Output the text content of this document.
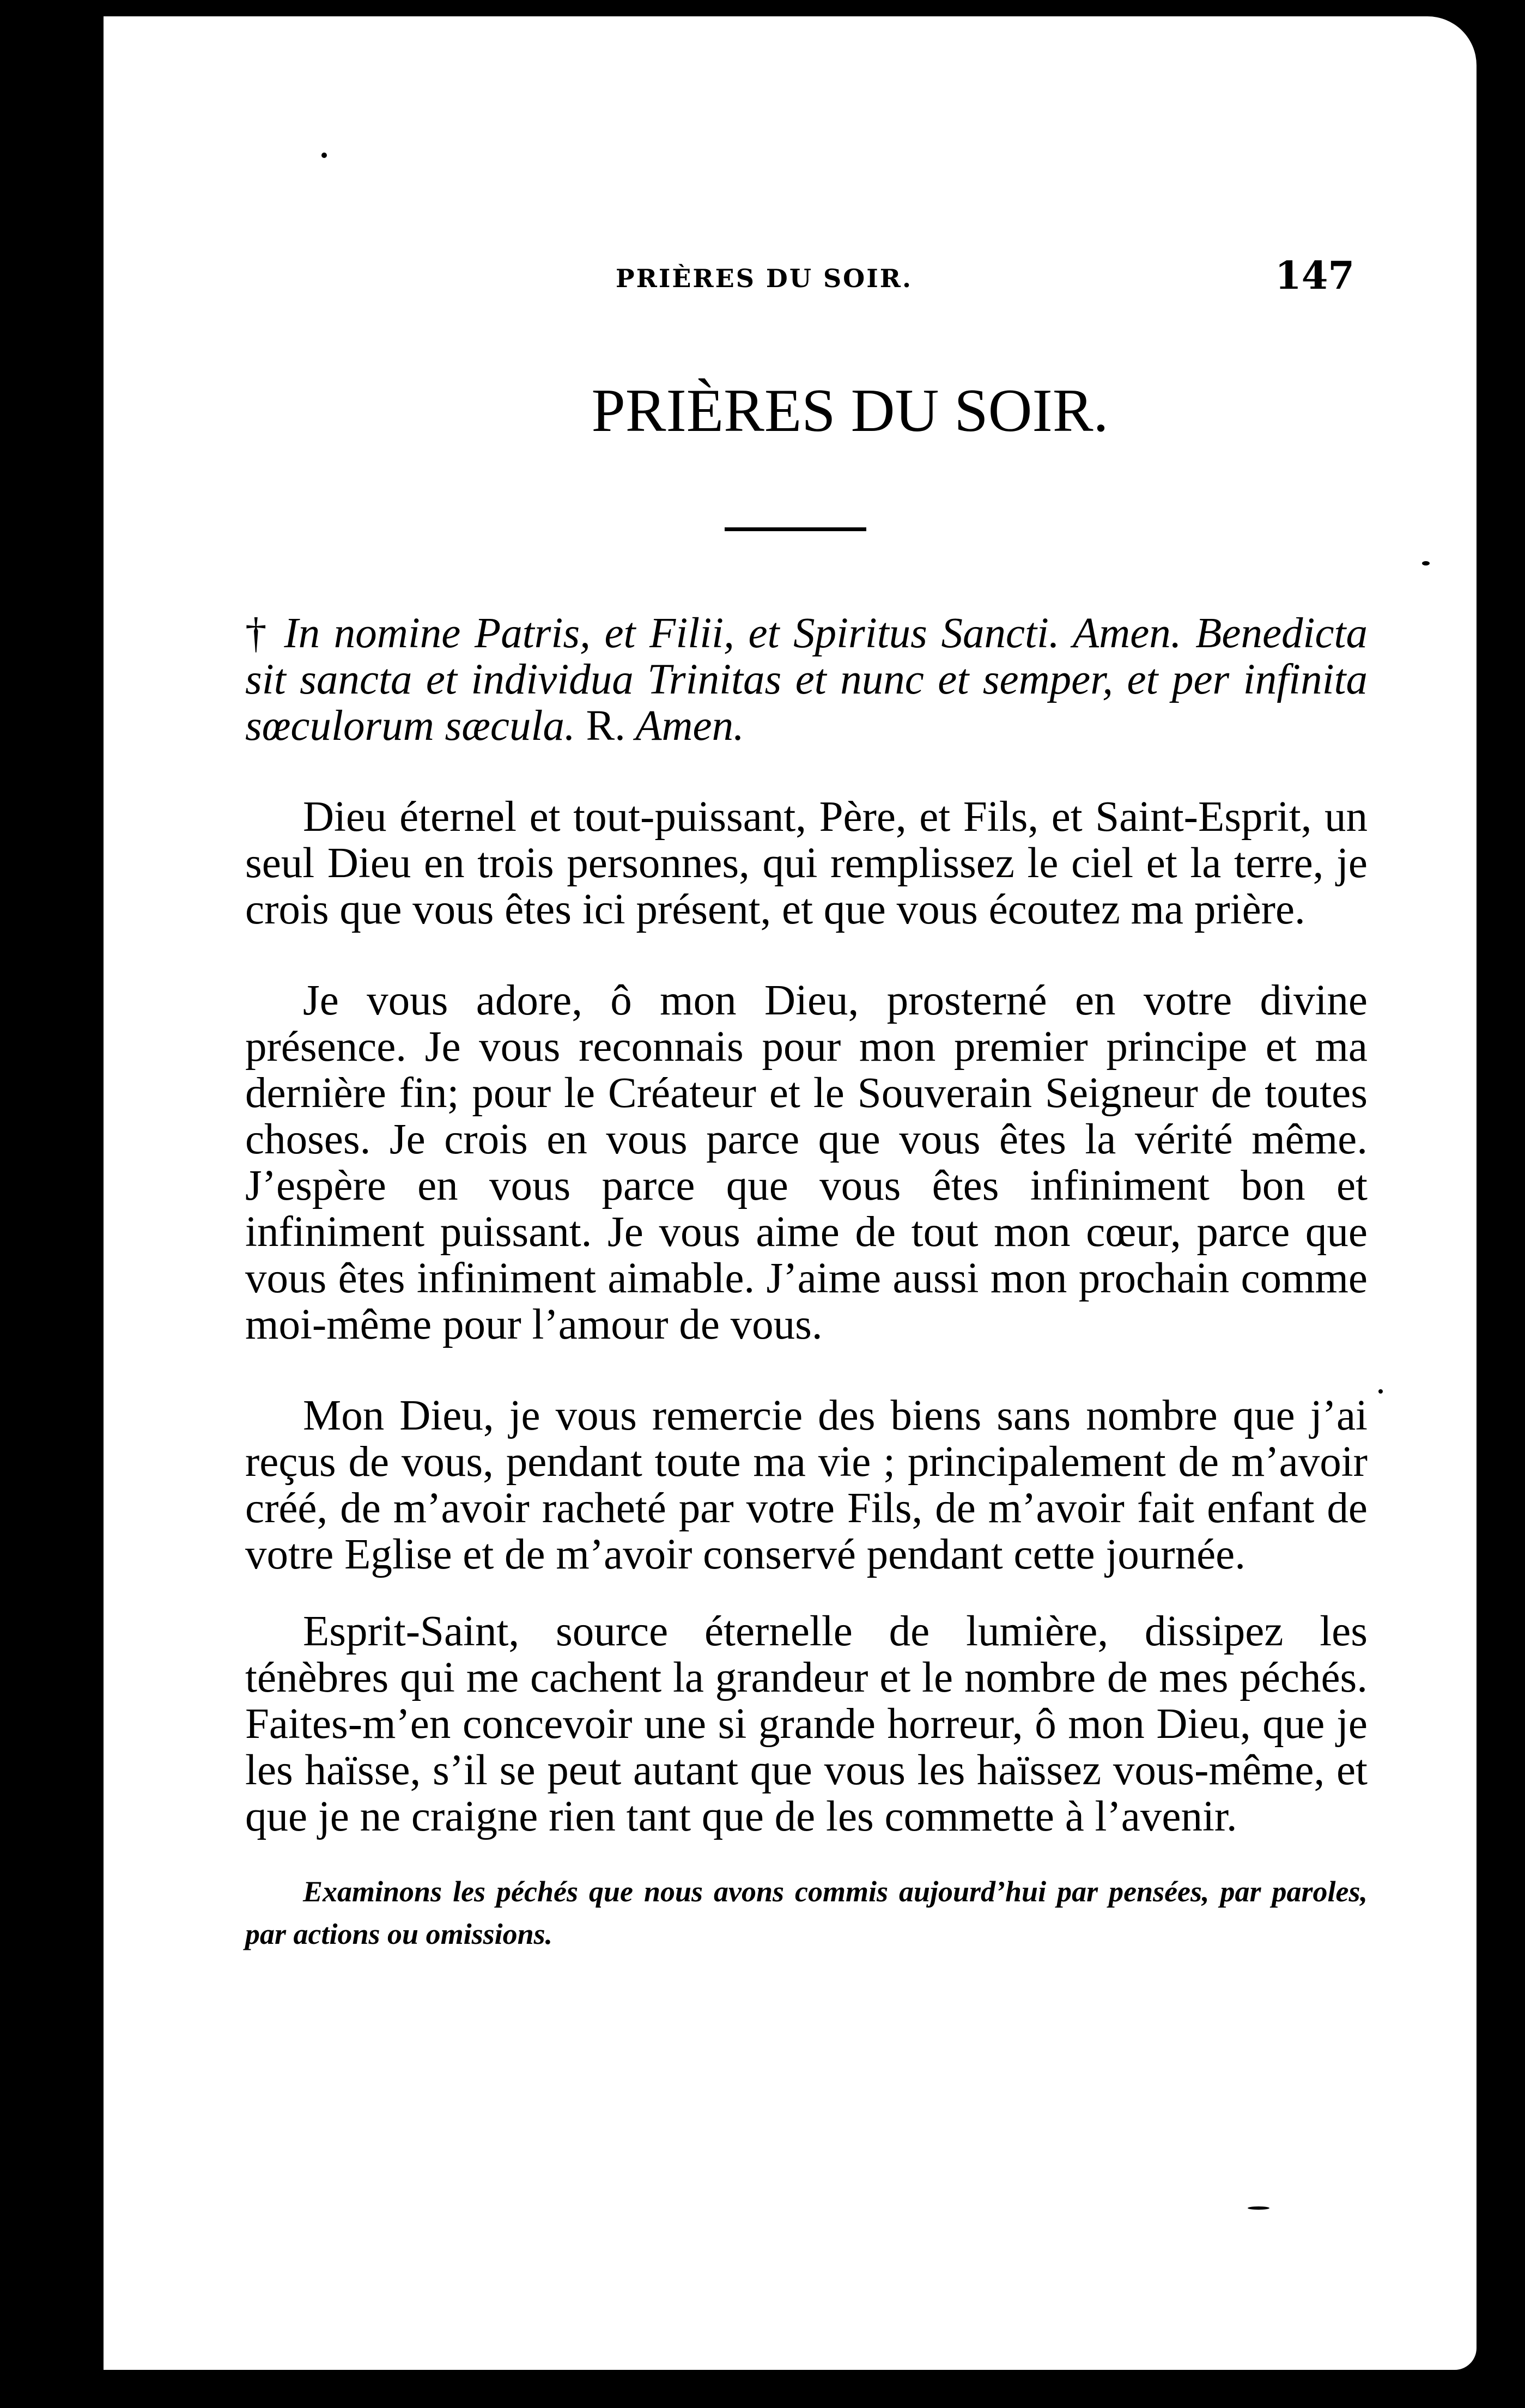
PRIÈRES DU SOIR.	147
PRIÈRES DU SOIR.

† In nomine Patris, et Filii, et Spiritus Sancti. Amen. Benedicta sit sancta et individua Trinitas et nunc et semper, et per infinita sœculorum sæcula. R. Amen.

Dieu éternel et tout-puissant, Père, et Fils, et Saint-Esprit, un seul Dieu en trois personnes, qui remplissez le ciel et la terre, je crois que vous êtes ici présent, et que vous écoutez ma prière.

Je vous adore, ô mon Dieu, prosterné en votre divine présence. Je vous reconnais pour mon premier principe et ma dernière fin; pour le Créateur et le Souverain Seigneur de toutes choses. Je crois en vous parce que vous êtes la vérité même. J’espère en vous parce que vous êtes infiniment bon et infiniment puissant. Je vous aime de tout mon cœur, parce que vous êtes infiniment aimable. J’aime aussi mon prochain comme moi-même pour l’amour de vous.

Mon Dieu, je vous remercie des biens sans nombre que j’ai reçus de vous, pendant toute ma vie ; principalement de m’avoir créé, de m’avoir racheté par votre Fils, de m’avoir fait enfant de votre Eglise et de m’avoir conservé pendant cette journée.

Esprit-Saint, source éternelle de lumière, dissipez les ténèbres qui me cachent la grandeur et le nombre de mes péchés. Faites-m’en concevoir une si grande horreur, ô mon Dieu, que je les haïsse, s’il se peut autant que vous les haïssez vous-même, et que je ne craigne rien tant que de les commette à l’avenir.

Examinons les péchés que nous avons commis aujourd’hui par pensées, par paroles, par actions ou omissions.
